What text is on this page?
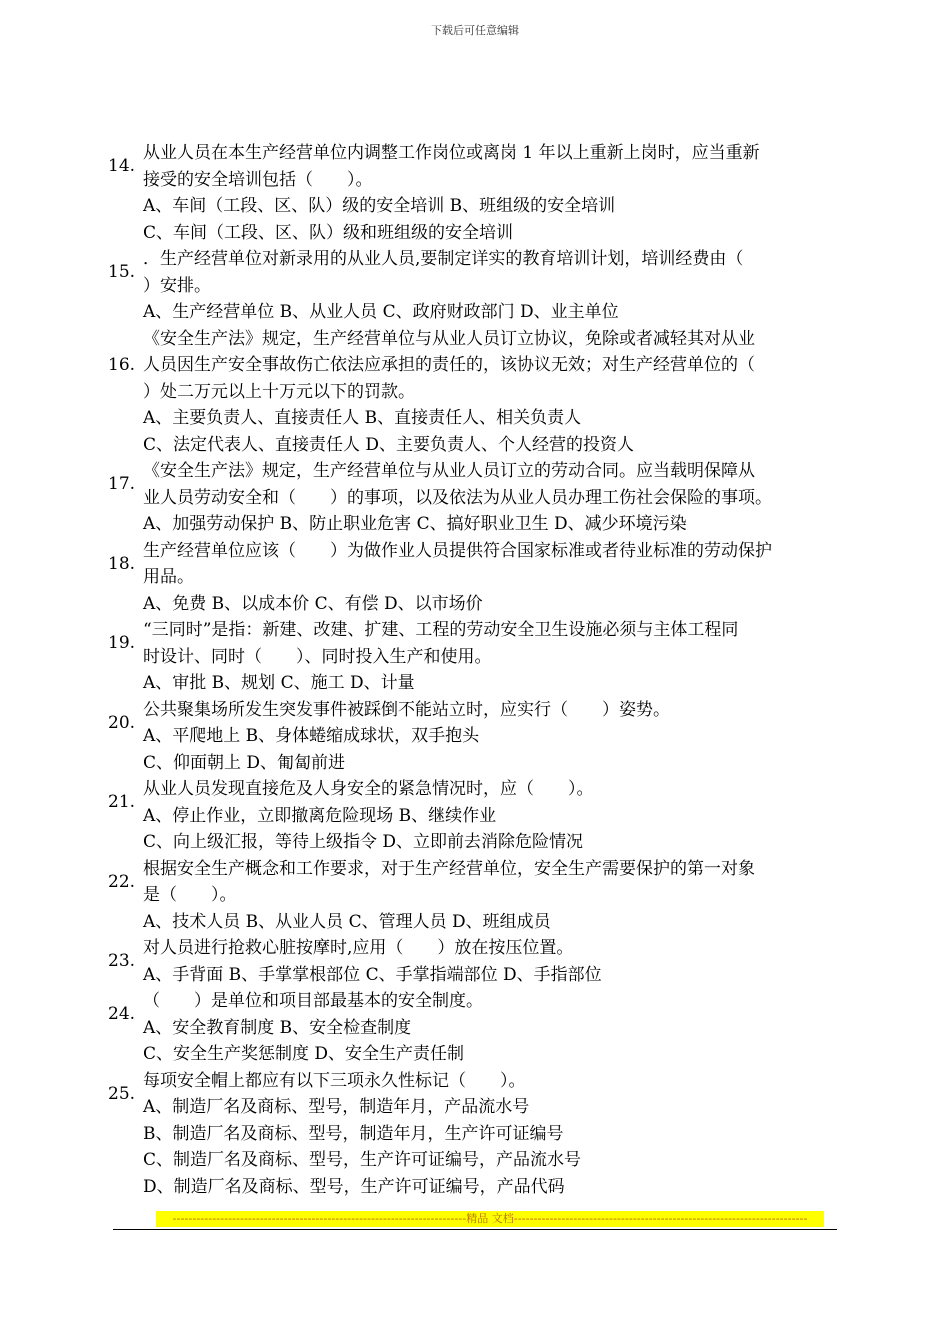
下载后可任意编辑
14.
从业人员在本生产经营单位内调整工作岗位或离岗 1 年以上重新上岗时，应当重新
接受的安全培训包括（　　）。
A、车间（工段、区、队）级的安全培训 B、班组级的安全培训
C、车间（工段、区、队）级和班组级的安全培训
15.
．生产经营单位对新录用的从业人员,要制定详实的教育培训计划，培训经费由（
）安排。
A、生产经营单位 B、从业人员 C、政府财政部门 D、业主单位
16.
《安全生产法》规定，生产经营单位与从业人员订立协议，免除或者减轻其对从业
人员因生产安全事故伤亡依法应承担的责任的，该协议无效；对生产经营单位的（
）处二万元以上十万元以下的罚款。
A、主要负责人、直接责任人 B、直接责任人、相关负责人
C、法定代表人、直接责任人 D、主要负责人、个人经营的投资人
17.
《安全生产法》规定，生产经营单位与从业人员订立的劳动合同。应当载明保障从
业人员劳动安全和（　　）的事项，以及依法为从业人员办理工伤社会保险的事项。
A、加强劳动保护 B、防止职业危害 C、搞好职业卫生 D、减少环境污染
18.
生产经营单位应该（　　）为做作业人员提供符合国家标准或者待业标准的劳动保护
用品。
A、免费 B、以成本价 C、有偿 D、以市场价
19.
“三同时”是指：新建、改建、扩建、工程的劳动安全卫生设施必须与主体工程同
时设计、同时（　　）、同时投入生产和使用。
A、审批 B、规划 C、施工 D、计量
20.
公共聚集场所发生突发事件被踩倒不能站立时，应实行（　　）姿势。
A、平爬地上 B、身体蜷缩成球状，双手抱头
C、仰面朝上 D、匍匐前进
21.
从业人员发现直接危及人身安全的紧急情况时，应（　　）。
A、停止作业，立即撤离危险现场 B、继续作业
C、向上级汇报，等待上级指令 D、立即前去消除危险情况
22.
根据安全生产概念和工作要求，对于生产经营单位，安全生产需要保护的第一对象
是（　　）。
A、技术人员 B、从业人员 C、管理人员 D、班组成员
23.
对人员进行抢救心脏按摩时,应用（　　）放在按压位置。
A、手背面 B、手掌掌根部位 C、手掌指端部位 D、手指部位
24.
（　　）是单位和项目部最基本的安全制度。
A、安全教育制度 B、安全检查制度
C、安全生产奖惩制度 D、安全生产责任制
25.
每项安全帽上都应有以下三项永久性标记（　　）。
A、制造厂名及商标、型号，制造年月，产品流水号
B、制造厂名及商标、型号，制造年月，生产许可证编号
C、制造厂名及商标、型号，生产许可证编号，产品流水号
D、制造厂名及商标、型号，生产许可证编号，产品代码
--------------------------------------------------------------------------精品 文档--------------------------------------------------------------------------
